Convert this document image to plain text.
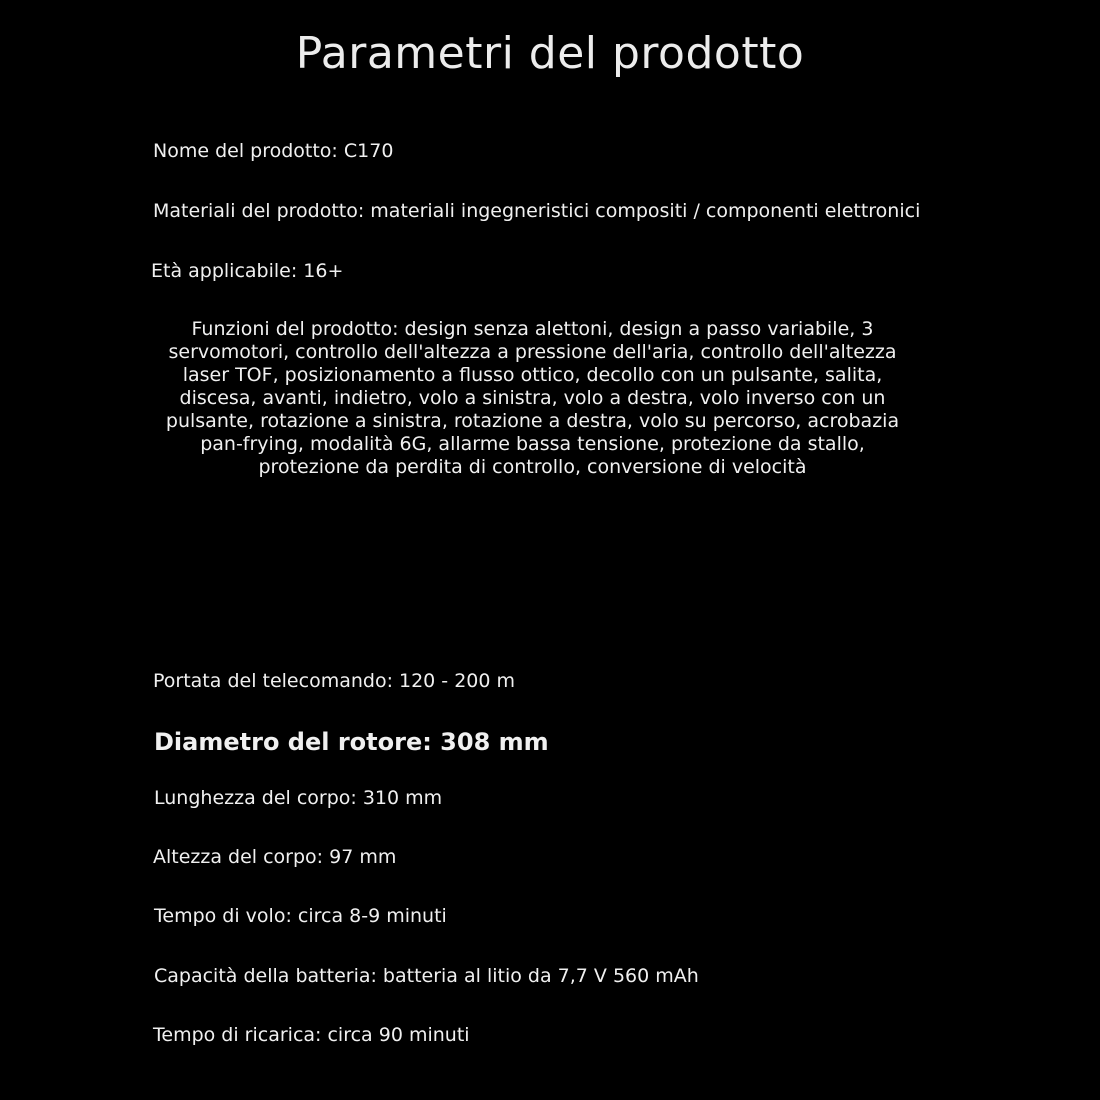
Parametri del prodotto

Nome del prodotto: C170

Materiali del prodotto: materiali ingegneristici compositi / componenti elettronici

Età applicabile: 16+

Funzioni del prodotto: design senza alettoni, design a passo variabile, 3 servomotori, controllo dell'altezza a pressione dell'aria, controllo dell'altezza laser TOF, posizionamento a flusso ottico, decollo con un pulsante, salita, discesa, avanti, indietro, volo a sinistra, volo a destra, volo inverso con un pulsante, rotazione a sinistra, rotazione a destra, volo su percorso, acrobazia pan-frying, modalità 6G, allarme bassa tensione, protezione da stallo, protezione da perdita di controllo, conversione di velocità

Portata del telecomando: 120 - 200 m

Diametro del rotore: 308 mm

Lunghezza del corpo: 310 mm

Altezza del corpo: 97 mm

Tempo di volo: circa 8-9 minuti

Capacità della batteria: batteria al litio da 7,7 V 560 mAh

Tempo di ricarica: circa 90 minuti
